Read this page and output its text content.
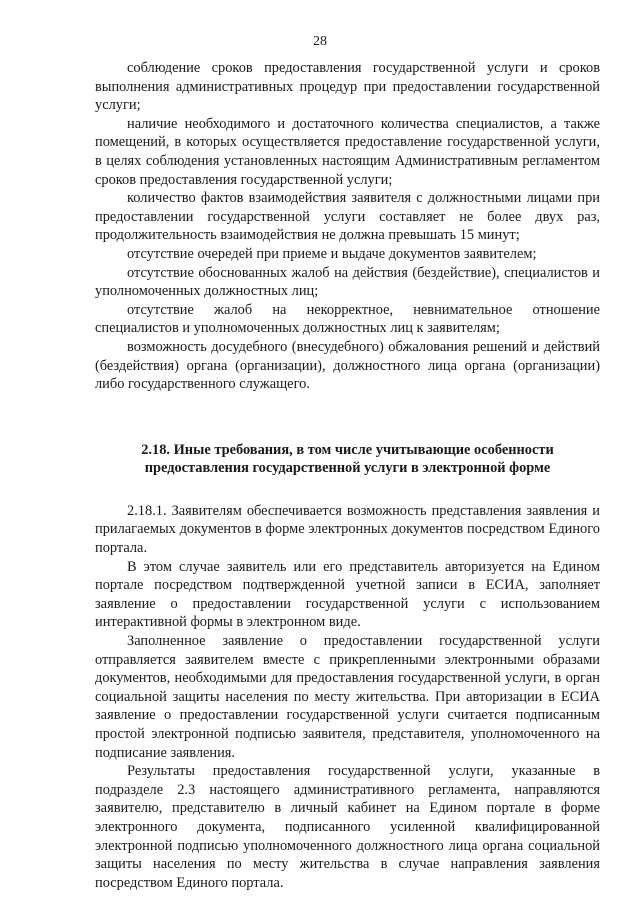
28

соблюдение сроков предоставления государственной услуги и сроков выполнения административных процедур при предоставлении государственной услуги;

наличие необходимого и достаточного количества специалистов, а также помещений, в которых осуществляется предоставление государственной услуги, в целях соблюдения установленных настоящим Административным регламентом сроков предоставления государственной услуги;

количество фактов взаимодействия заявителя с должностными лицами при предоставлении государственной услуги составляет не более двух раз, продолжительность взаимодействия не должна превышать 15 минут;

отсутствие очередей при приеме и выдаче документов заявителем;

отсутствие обоснованных жалоб на действия (бездействие), специалистов и уполномоченных должностных лиц;

отсутствие жалоб на некорректное, невнимательное отношение специалистов и уполномоченных должностных лиц к заявителям;

возможность досудебного (внесудебного) обжалования решений и действий (бездействия) органа (организации), должностного лица органа (организации) либо государственного служащего.

2.18. Иные требования, в том числе учитывающие особенности предоставления государственной услуги в электронной форме

2.18.1. Заявителям обеспечивается возможность представления заявления и прилагаемых документов в форме электронных документов посредством Единого портала.

В этом случае заявитель или его представитель авторизуется на Едином портале посредством подтвержденной учетной записи в ЕСИА, заполняет заявление о предоставлении государственной услуги с использованием интерактивной формы в электронном виде.

Заполненное заявление о предоставлении государственной услуги отправляется заявителем вместе с прикрепленными электронными образами документов, необходимыми для предоставления государственной услуги, в орган социальной защиты населения по месту жительства. При авторизации в ЕСИА заявление о предоставлении государственной услуги считается подписанным простой электронной подписью заявителя, представителя, уполномоченного на подписание заявления.

Результаты предоставления государственной услуги, указанные в подразделе 2.3 настоящего административного регламента, направляются заявителю, представителю в личный кабинет на Едином портале в форме электронного документа, подписанного усиленной квалифицированной электронной подписью уполномоченного должностного лица органа социальной защиты населения по месту жительства в случае направления заявления посредством Единого портала.
